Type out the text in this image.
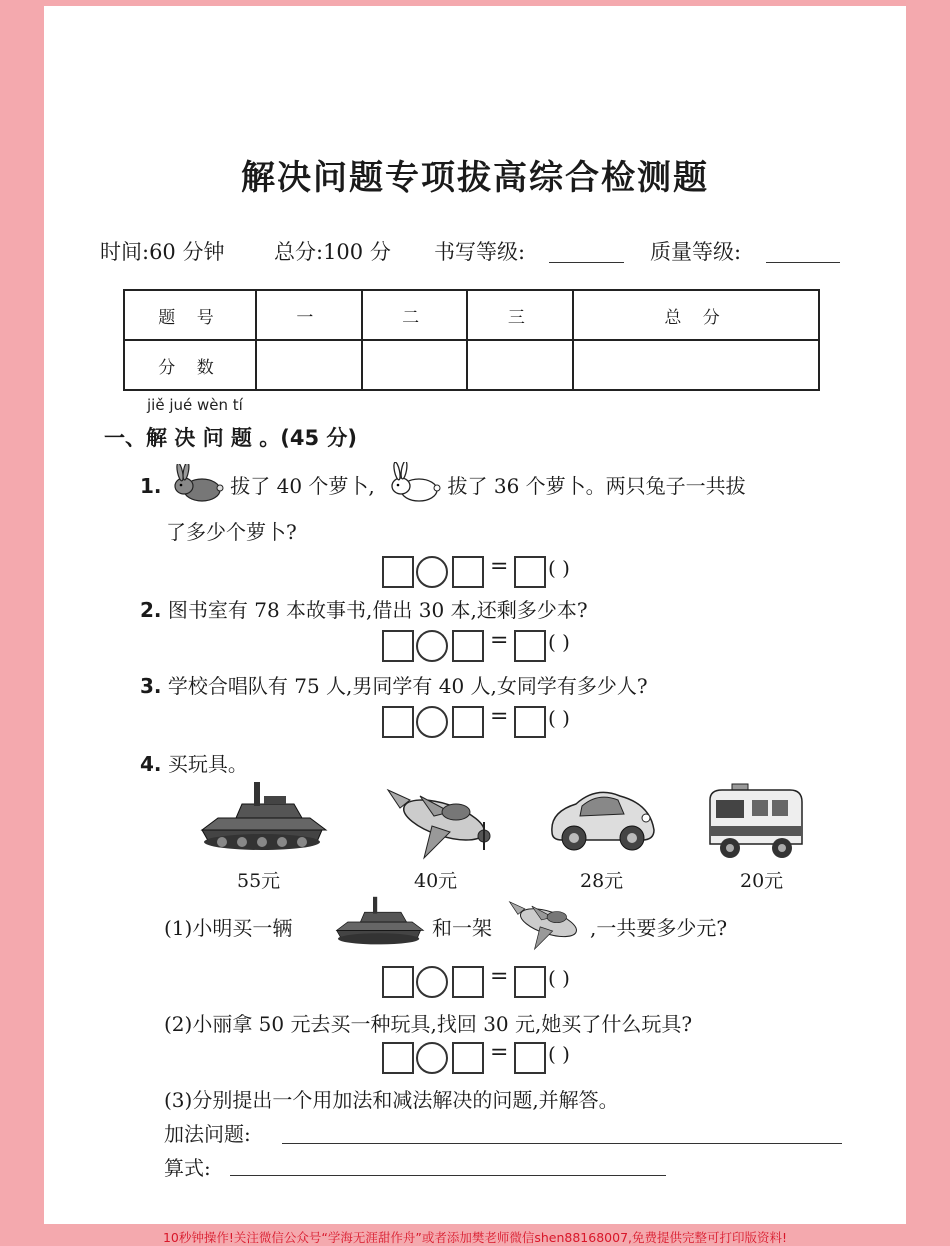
解决问题专项拔高综合检测题
时间:60 分钟 总分:100 分 书写等级:	质量等级:
题 号	一	二	三	总 分
分 数				
jiě jué wèn tí
一、解 决 问 题 。(45 分)
1.	拔了 40 个萝卜,	拔了 36 个萝卜。两只兔子一共拔
了多少个萝卜?
= ( )
2. 图书室有 78 本故事书,借出 30 本,还剩多少本?
= ( )
3. 学校合唱队有 75 人,男同学有 40 人,女同学有多少人?
= ( )
4. 买玩具。
55元	40元	28元	20元
(1)小明买一辆	和一架	,一共要多少元?
= ( )
(2)小丽拿 50 元去买一种玩具,找回 30 元,她买了什么玩具?
= ( )
(3)分别提出一个用加法和减法解决的问题,并解答。
加法问题:
算式:
10秒钟操作!关注微信公众号“学海无涯甜作舟”或者添加樊老师微信shen88168007,免费提供完整可打印版资料!
